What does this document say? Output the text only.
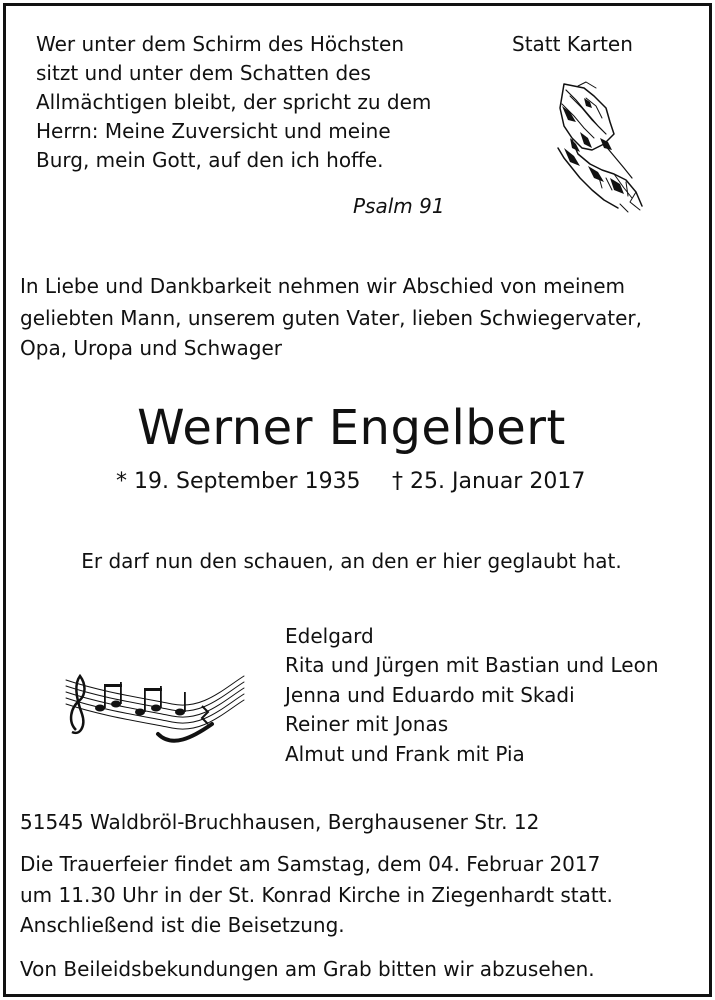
Wer unter dem Schirm des Höchsten
sitzt und unter dem Schatten des
Allmächtigen bleibt, der spricht zu dem
Herrn: Meine Zuversicht und meine
Burg, mein Gott, auf den ich hoffe.
Psalm 91
Statt Karten
In Liebe und Dankbarkeit nehmen wir Abschied von meinem
geliebten Mann, unserem guten Vater, lieben Schwiegervater,
Opa, Uropa und Schwager
Werner Engelbert
* 19. September 1935 † 25. Januar 2017
Er darf nun den schauen, an den er hier geglaubt hat.
Edelgard
Rita und Jürgen mit Bastian und Leon
Jenna und Eduardo mit Skadi
Reiner mit Jonas
Almut und Frank mit Pia
51545 Waldbröl-Bruchhausen, Berghausener Str. 12
Die Trauerfeier findet am Samstag, dem 04. Februar 2017
um 11.30 Uhr in der St. Konrad Kirche in Ziegenhardt statt.
Anschließend ist die Beisetzung.
Von Beileidsbekundungen am Grab bitten wir abzusehen.
